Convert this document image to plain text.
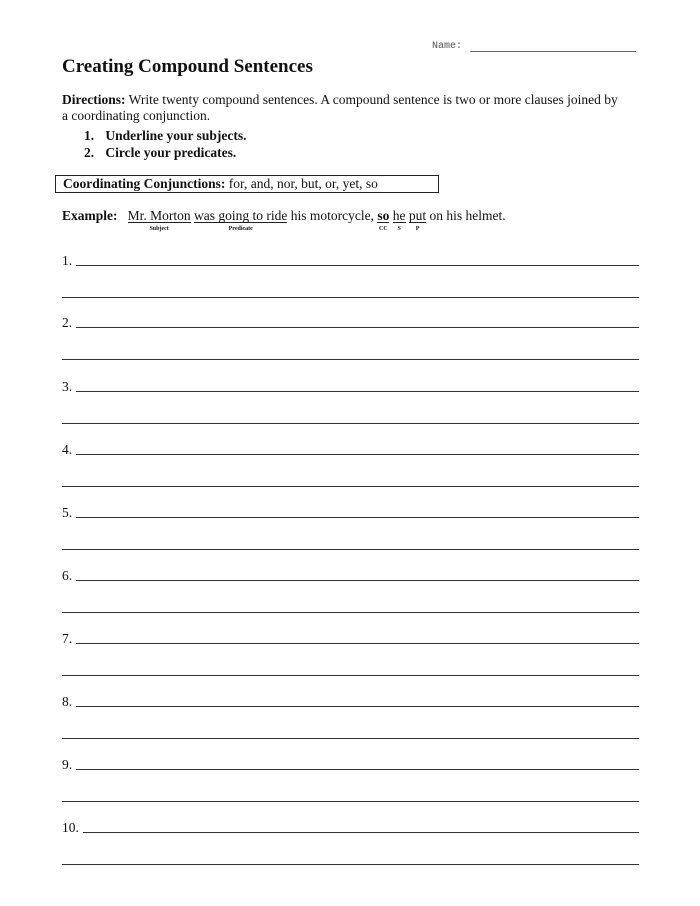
Name:
Creating Compound Sentences
Directions: Write twenty compound sentences. A compound sentence is two or more clauses joined by
a coordinating conjunction.
1. Underline your subjects.
2. Circle your predicates.
Coordinating Conjunctions: for, and, nor, but, or, yet, so
Example: Mr. Morton
Subject
was going to ride
Predicate
his motorcycle, so
CC
he
S
put
P
on his helmet.
1.
2.
3.
4.
5.
6.
7.
8.
9.
10.
